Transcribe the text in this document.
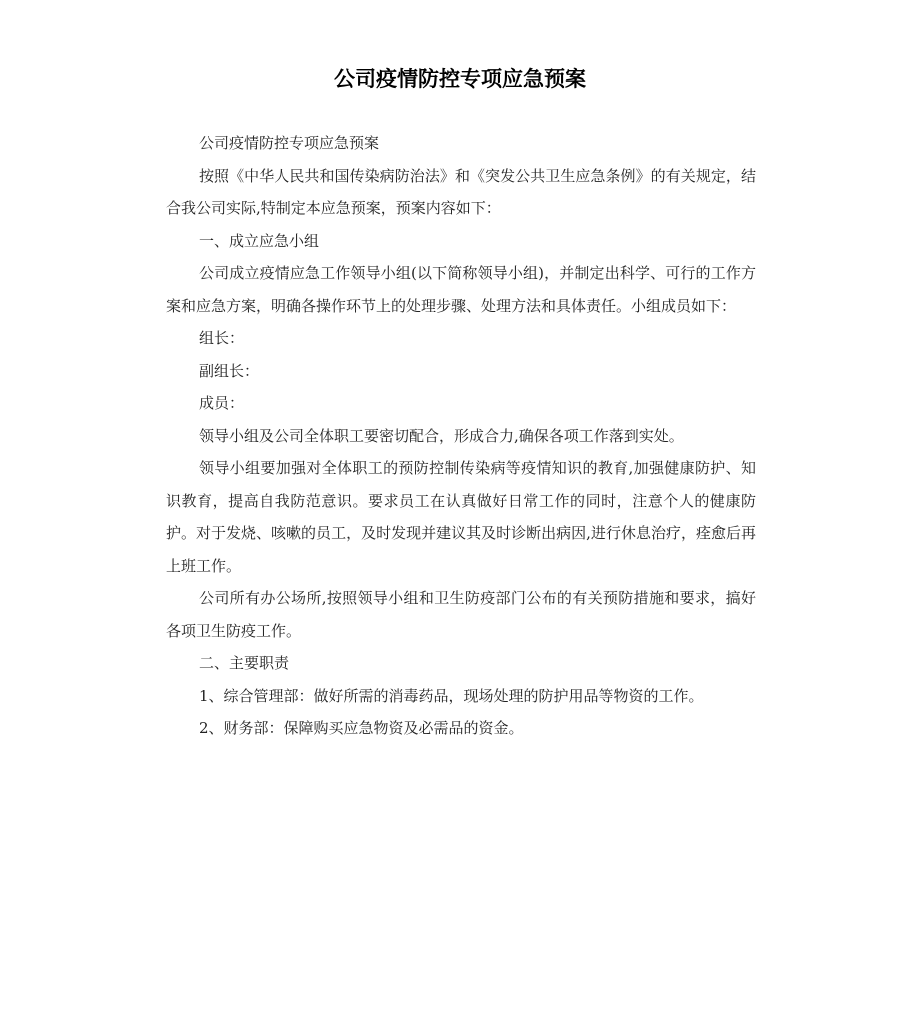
公司疫情防控专项应急预案

公司疫情防控专项应急预案

按照《中华人民共和国传染病防治法》和《突发公共卫生应急条例》的有关规定，结合我公司实际,特制定本应急预案，预案内容如下：

一、成立应急小组

公司成立疫情应急工作领导小组(以下简称领导小组)，并制定出科学、可行的工作方案和应急方案，明确各操作环节上的处理步骤、处理方法和具体责任。小组成员如下：

组长：

副组长：

成员：

领导小组及公司全体职工要密切配合，形成合力,确保各项工作落到实处。

领导小组要加强对全体职工的预防控制传染病等疫情知识的教育,加强健康防护、知识教育，提高自我防范意识。要求员工在认真做好日常工作的同时，注意个人的健康防护。对于发烧、咳嗽的员工，及时发现并建议其及时诊断出病因,进行休息治疗，痊愈后再上班工作。

公司所有办公场所,按照领导小组和卫生防疫部门公布的有关预防措施和要求，搞好各项卫生防疫工作。

二、主要职责

1、综合管理部：做好所需的消毒药品，现场处理的防护用品等物资的工作。

2、财务部：保障购买应急物资及必需品的资金。
